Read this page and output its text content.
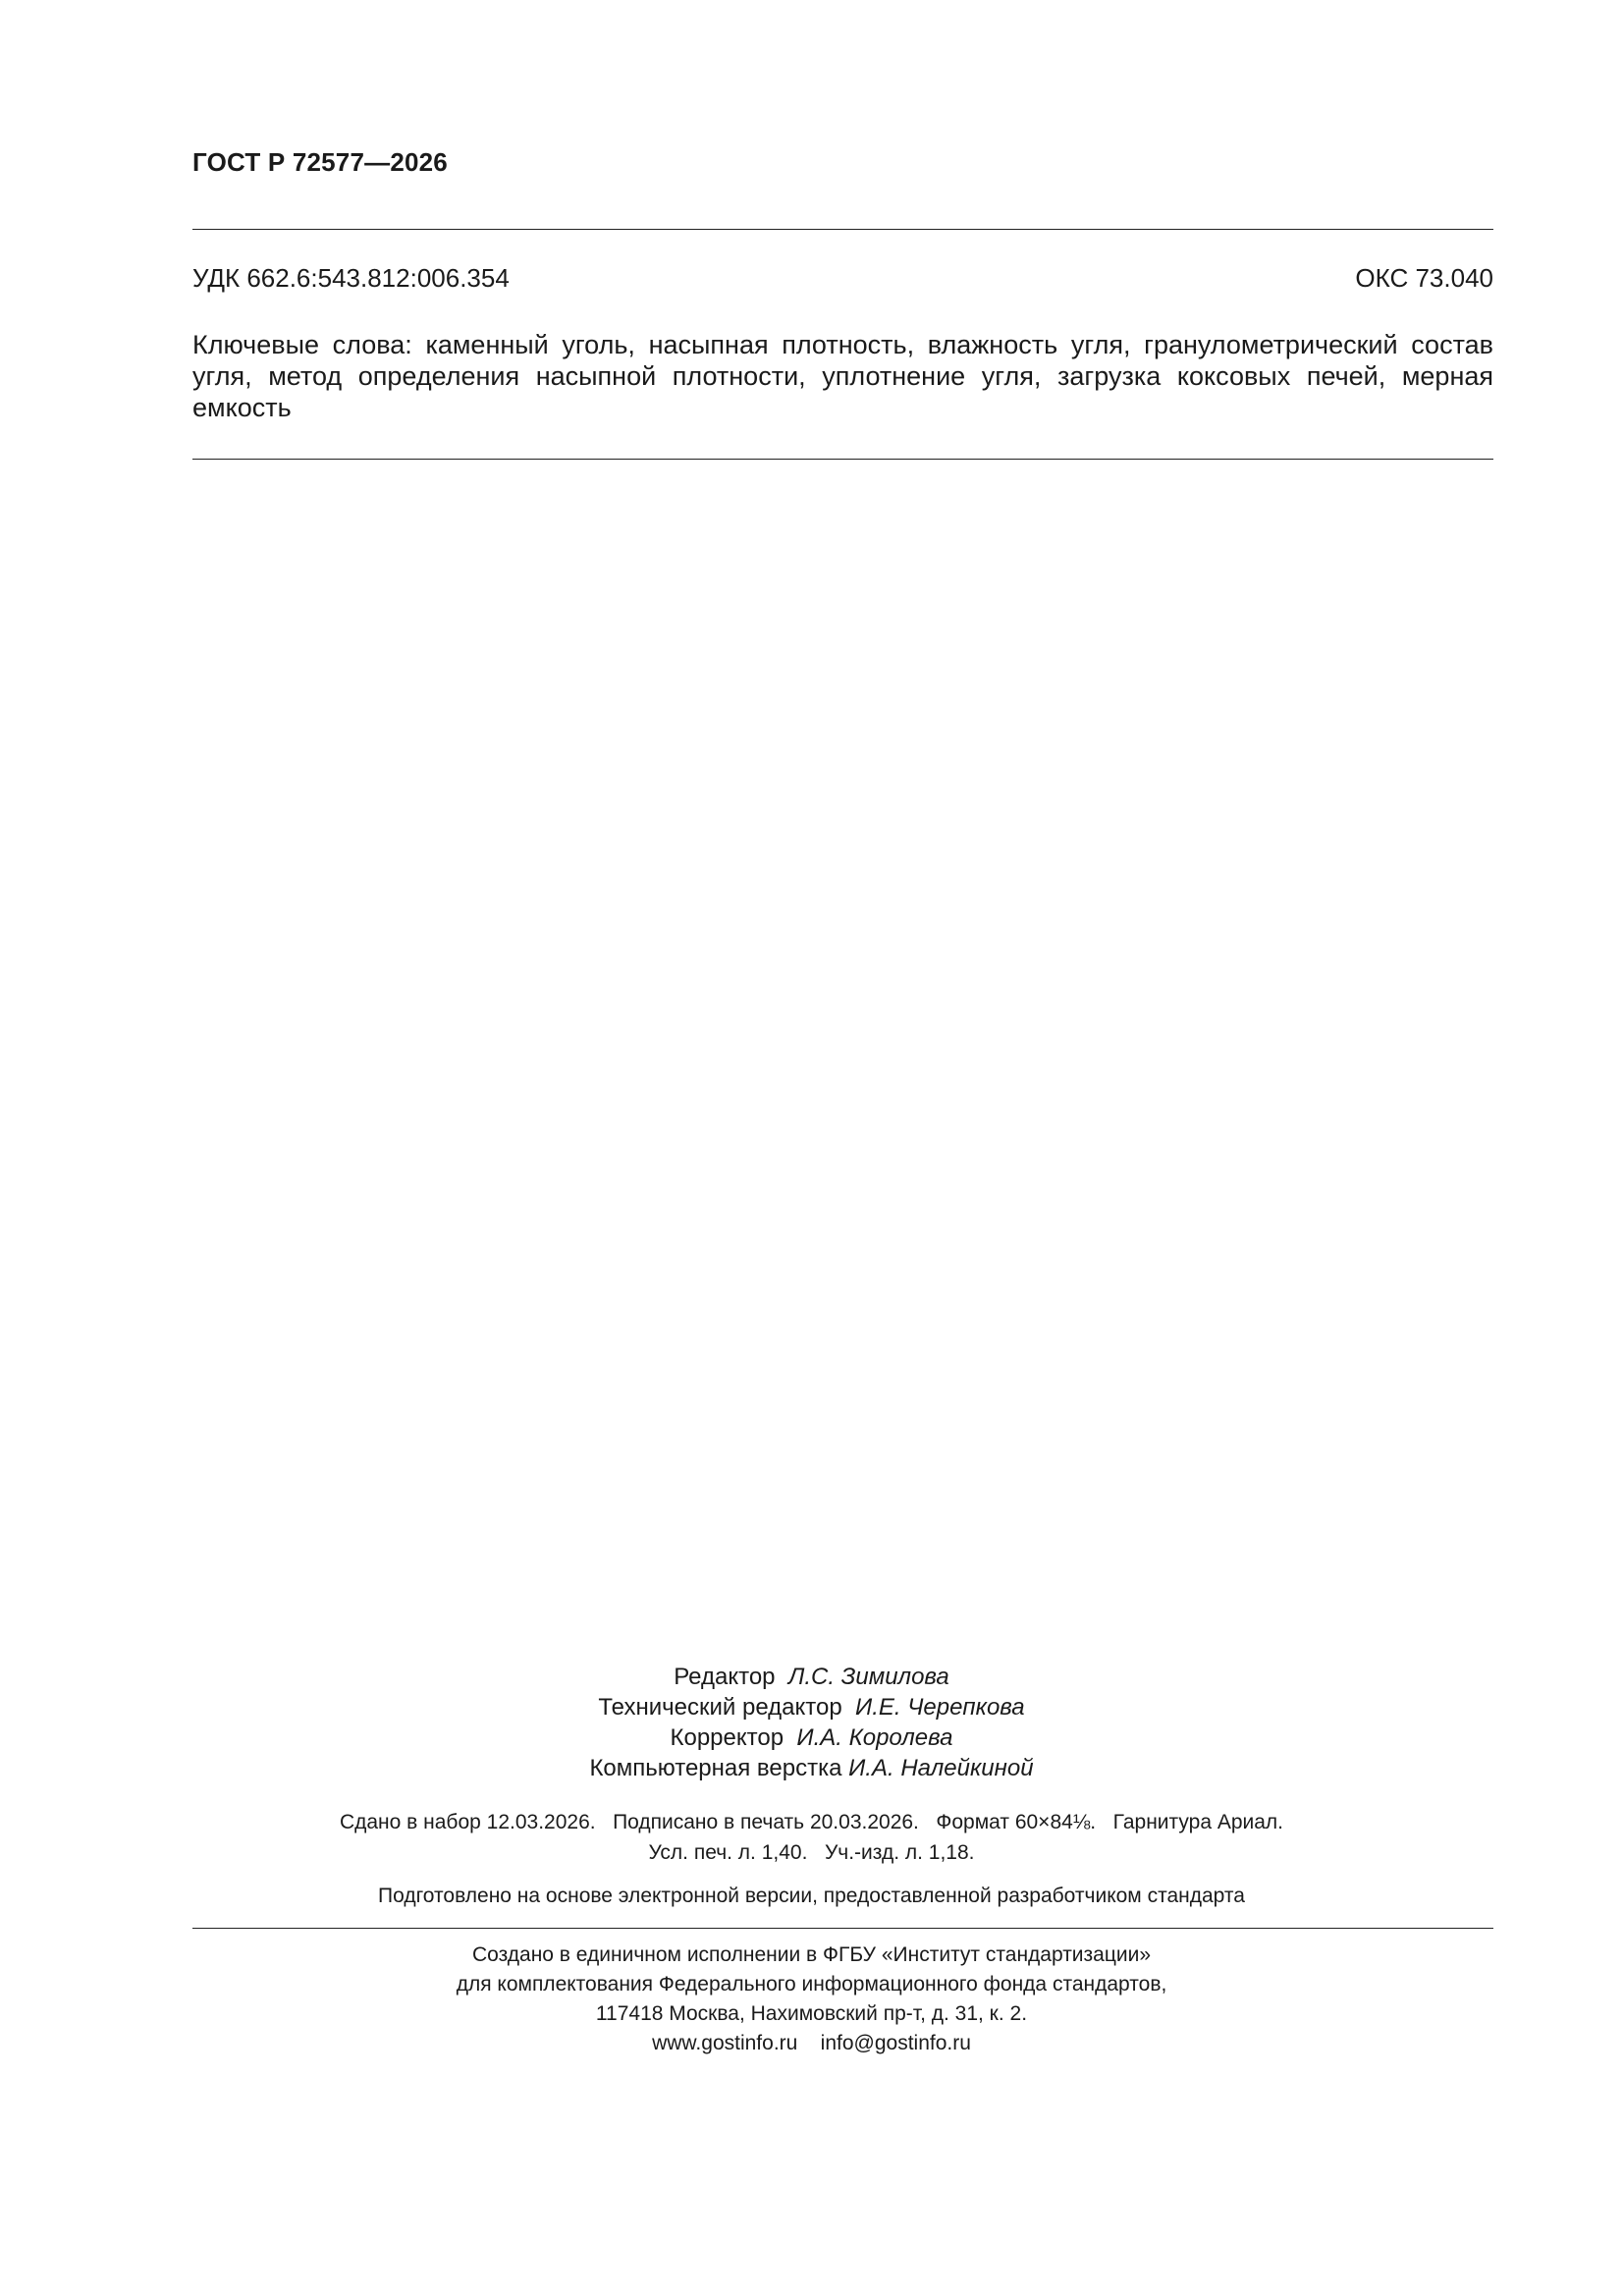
ГОСТ Р 72577—2026
УДК 662.6:543.812:006.354	ОКС 73.040
Ключевые слова: каменный уголь, насыпная плотность, влажность угля, гранулометрический состав
угля, метод определения насыпной плотности, уплотнение угля, загрузка коксовых печей, мерная
емкость
Редактор Л.С. Зимилова
Технический редактор И.Е. Черепкова
Корректор И.А. Королева
Компьютерная верстка И.А. Налейкиной
Сдано в набор 12.03.2026.   Подписано в печать 20.03.2026.   Формат 60×84⅛.   Гарнитура Ариал.
Усл. печ. л. 1,40.   Уч.-изд. л. 1,18.
Подготовлено на основе электронной версии, предоставленной разработчиком стандарта
Создано в единичном исполнении в ФГБУ «Институт стандартизации»
для комплектования Федерального информационного фонда стандартов,
117418 Москва, Нахимовский пр-т, д. 31, к. 2.
www.gostinfo.ru    info@gostinfo.ru
